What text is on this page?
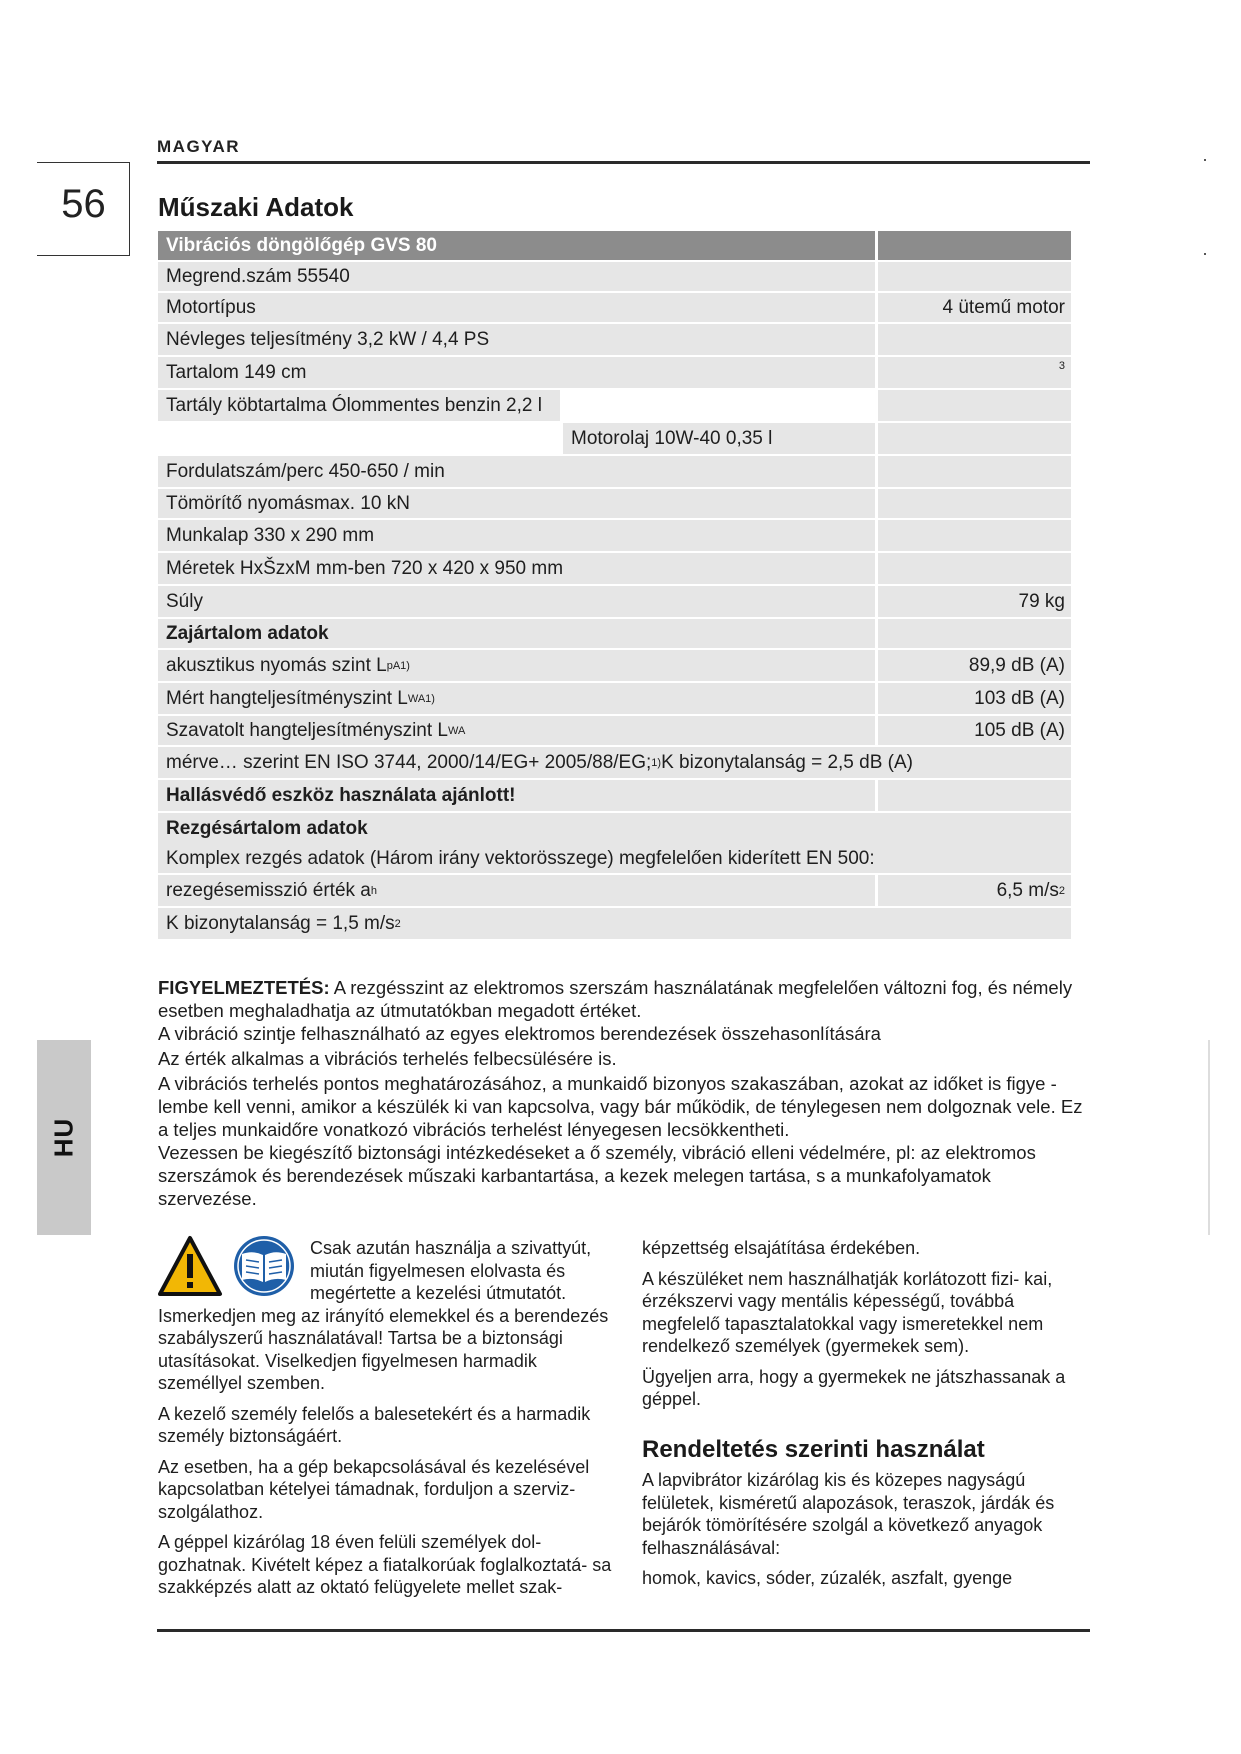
MAGYAR
56	Műszaki Adatok
Vibrációs döngölőgép GVS 80
Megrend.szám 55540
Motortípus	4 ütemű motor
Névleges teljesítmény 3,2 kW / 4,4 PS
Tartalom 149 cm	3
Tartály köbtartalma Ólommentes benzin 2,2 l
Motorolaj 10W-40 0,35 l
Fordulatszám/perc 450-650 / min
Tömörítő nyomásmax. 10 kN
Munkalap 330 x 290 mm
Méretek HxŠzxM mm-ben 720 x 420 x 950 mm
Súly	79 kg
Zajártalom adatok
akusztikus nyomás szint L pA 1)	89,9 dB (A)
Mért hangteljesítményszint L WA 1)	103 dB (A)
Szavatolt hangteljesítményszint L WA	105 dB (A)
mérve… szerint EN ISO 3744, 2000/14/EG+ 2005/88/EG; 1) K bizonytalanság = 2,5 dB (A)
Hallásvédő eszköz használata ajánlott!
Rezgésártalom adatok
Komplex rezgés adatok (Három irány vektorösszege) megfelelően kiderített EN 500:
rezegésemisszió érték a h	6,5 m/s 2
K bizonytalanság = 1,5 m/s 2

FIGYELMEZTETÉS: A rezgésszint az elektromos szerszám használatának megfelelően változni fog, és némely esetben meghaladhatja az útmutatókban megadott értéket.

A vibráció szintje felhasználható az egyes elektromos berendezések összehasonlítására

Az érték alkalmas a vibrációs terhelés felbecsülésére is.

A vibrációs terhelés pontos meghatározásához, a munkaidő bizonyos szakaszában, azokat az időket is figye - lembe kell venni, amikor a készülék ki van kapcsolva, vagy bár működik, de ténylegesen nem dolgoznak vele. Ez a teljes munkaidőre vonatkozó vibrációs terhelést lényegesen lecsökkentheti.

Vezessen be kiegészítő biztonsági intézkedéseket a ő személy, vibráció elleni védelmére, pl: az elektromos szerszámok és berendezések műszaki karbantartása, a kezek melegen tartása, s a munkafolyamatok szervezése.

Csak azután használja a szivattyút, miután figyelmesen elolvasta és megértette a kezelési útmutatót.

Ismerkedjen meg az irányító elemekkel és a berendezés szabályszerű használatával! Tartsa be a biztonsági utasításokat. Viselkedjen figyelmesen harmadik személlyel szemben.

A kezelő személy felelős a balesetekért és a harmadik személy biztonságáért.

Az esetben, ha a gép bekapcsolásával és kezelésével kapcsolatban kételyei támadnak, forduljon a szerviz- szolgálathoz.

A géppel kizárólag 18 éven felüli személyek dol- gozhatnak. Kivételt képez a fiatalkorúak foglalkoztatá- sa szakképzés alatt az oktató felügyelete mellet szak-

képzettség elsajátítása érdekében.

A készüléket nem használhatják korlátozott fizi- kai, érzékszervi vagy mentális képességű, továbbá megfelelő tapasztalatokkal vagy ismeretekkel nem rendelkező személyek (gyermekek sem).

Ügyeljen arra, hogy a gyermekek ne játszhassanak a géppel.

Rendeltetés szerinti használat

A lapvibrátor kizárólag kis és közepes nagyságú felületek, kisméretű alapozások, teraszok, járdák és bejárók tömörítésére szolgál a következő anyagok felhasználásával:

homok, kavics, sóder, zúzalék, aszfalt, gyenge

HU
